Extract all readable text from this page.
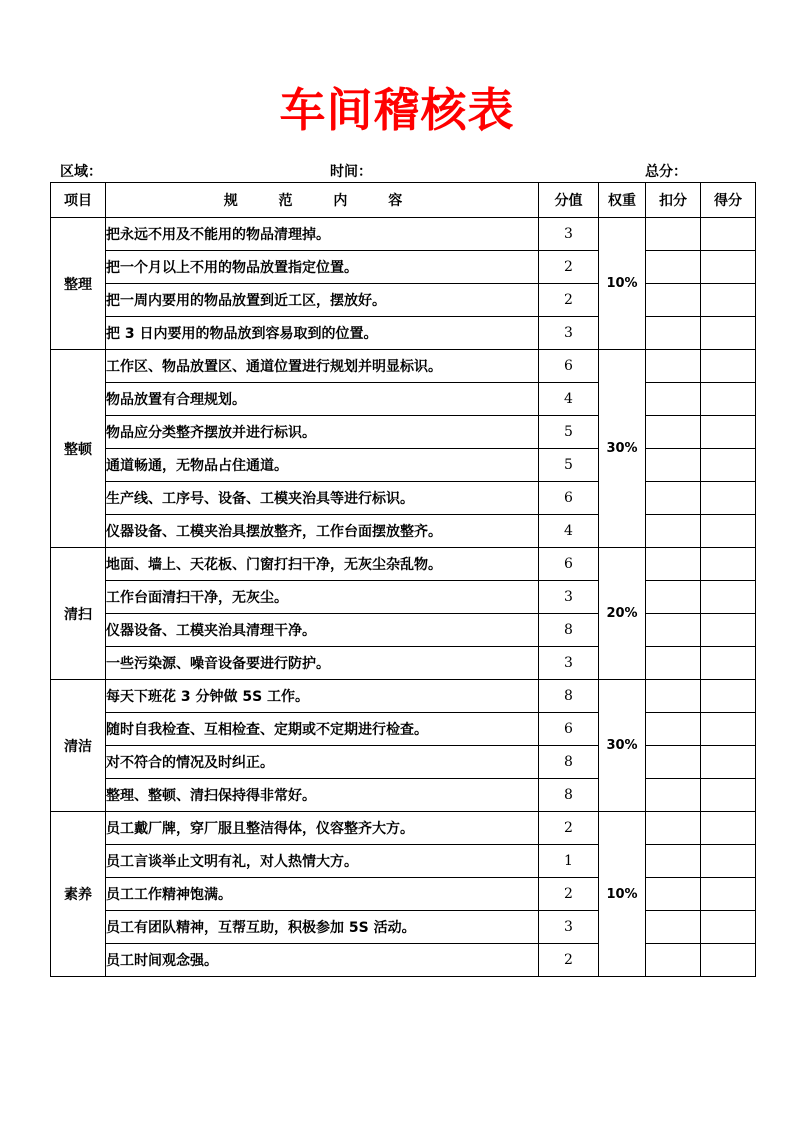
车间稽核表
区域：	时间：	总分：
项目	规 范 内 容	分值	权重	扣分	得分
整理	把永远不用及不能用的物品清理掉。	3	10%		
	把一个月以上不用的物品放置指定位置。	2			
	把一周内要用的物品放置到近工区，摆放好。	2			
	把 3 日内要用的物品放到容易取到的位置。	3			
整顿	工作区、物品放置区、通道位置进行规划并明显标识。	6	30%		
	物品放置有合理规划。	4			
	物品应分类整齐摆放并进行标识。	5			
	通道畅通，无物品占住通道。	5			
	生产线、工序号、设备、工模夹治具等进行标识。	6			
	仪器设备、工模夹治具摆放整齐，工作台面摆放整齐。	4			
清扫	地面、墙上、天花板、门窗打扫干净，无灰尘杂乱物。	6	20%		
	工作台面清扫干净，无灰尘。	3			
	仪器设备、工模夹治具清理干净。	8			
	一些污染源、噪音设备要进行防护。	3			
清洁	每天下班花 3 分钟做 5S 工作。	8	30%		
	随时自我检查、互相检查、定期或不定期进行检查。	6			
	对不符合的情况及时纠正。	8			
	整理、整顿、清扫保持得非常好。	8			
素养	员工戴厂牌，穿厂服且整洁得体，仪容整齐大方。	2	10%		
	员工言谈举止文明有礼，对人热情大方。	1			
	员工工作精神饱满。	2			
	员工有团队精神，互帮互助，积极参加 5S 活动。	3			
	员工时间观念强。	2			
